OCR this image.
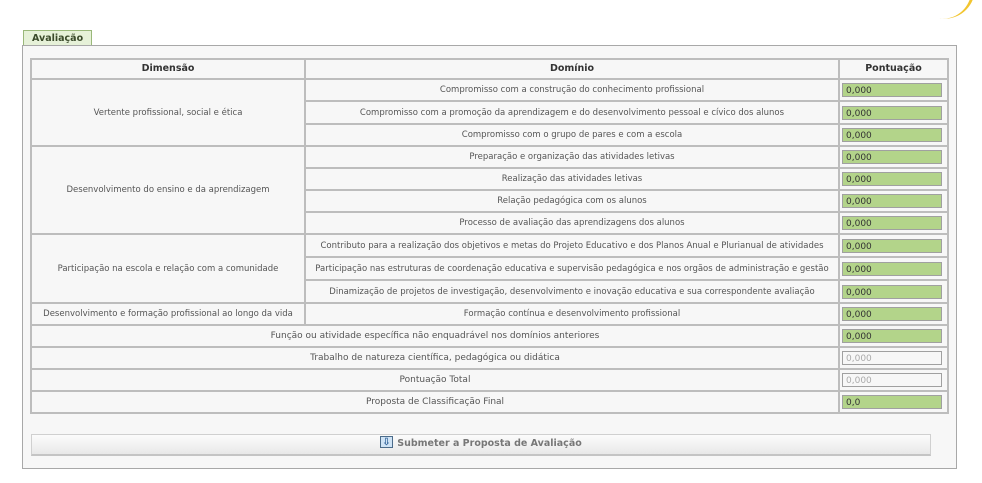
Avaliação
Dimensão	Domínio	Pontuação
Vertente profissional, social e ética	Compromisso com a construção do conhecimento profissional	0,000

	Compromisso com a promoção da aprendizagem e do desenvolvimento pessoal e cívico dos alunos	0,000

	Compromisso com o grupo de pares e com a escola	0,000

Desenvolvimento do ensino e da aprendizagem	Preparação e organização das atividades letivas	0,000

	Realização das atividades letivas	0,000

	Relação pedagógica com os alunos	0,000

	Processo de avaliação das aprendizagens dos alunos	0,000

Participação na escola e relação com a comunidade	Contributo para a realização dos objetivos e metas do Projeto Educativo e dos Planos Anual e Plurianual de atividades	0,000

	Participação nas estruturas de coordenação educativa e supervisão pedagógica e nos orgãos de administração e gestão	0,000

	Dinamização de projetos de investigação, desenvolvimento e inovação educativa e sua correspondente avaliação	0,000

Desenvolvimento e formação profissional ao longo da vida	Formação contínua e desenvolvimento profissional	0,000

Função ou atividade específica não enquadrável nos domínios anteriores		0,000

Trabalho de natureza científica, pedagógica ou didática		0,000

Pontuação Total		0,000

Proposta de Classificação Final		0,0
⇩Submeter a Proposta de Avaliação
